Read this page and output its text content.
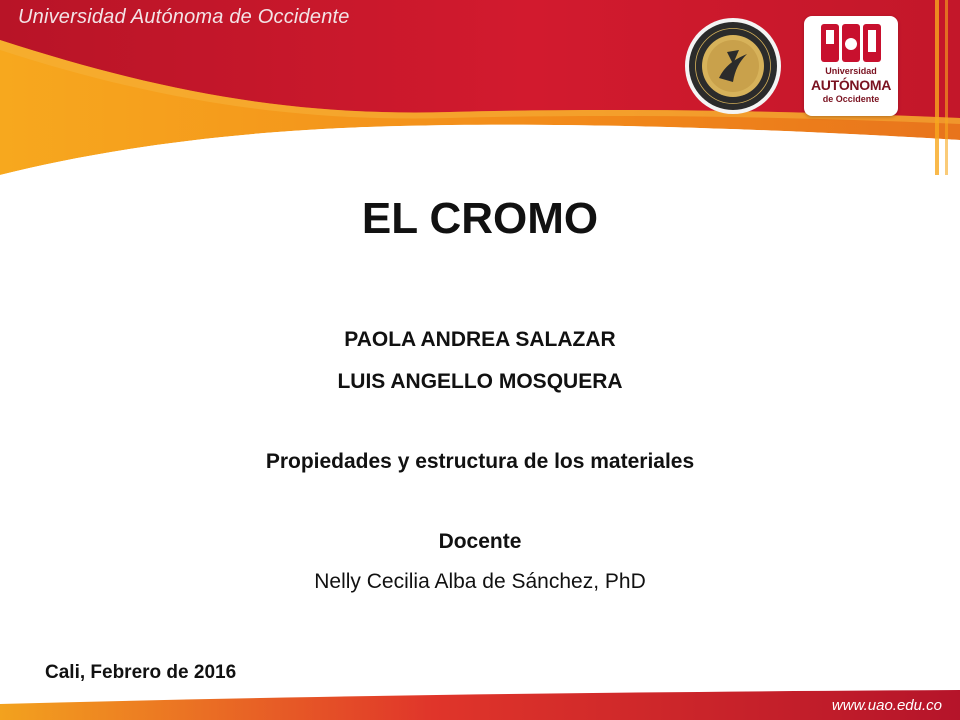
Universidad Autónoma de Occidente
Universidad
AUTÓNOMA
de Occidente
EL CROMO
PAOLA ANDREA SALAZAR
LUIS ANGELLO MOSQUERA
Propiedades y estructura de los materiales
Docente
Nelly Cecilia Alba de Sánchez, PhD
Cali, Febrero de 2016
www.uao.edu.co
